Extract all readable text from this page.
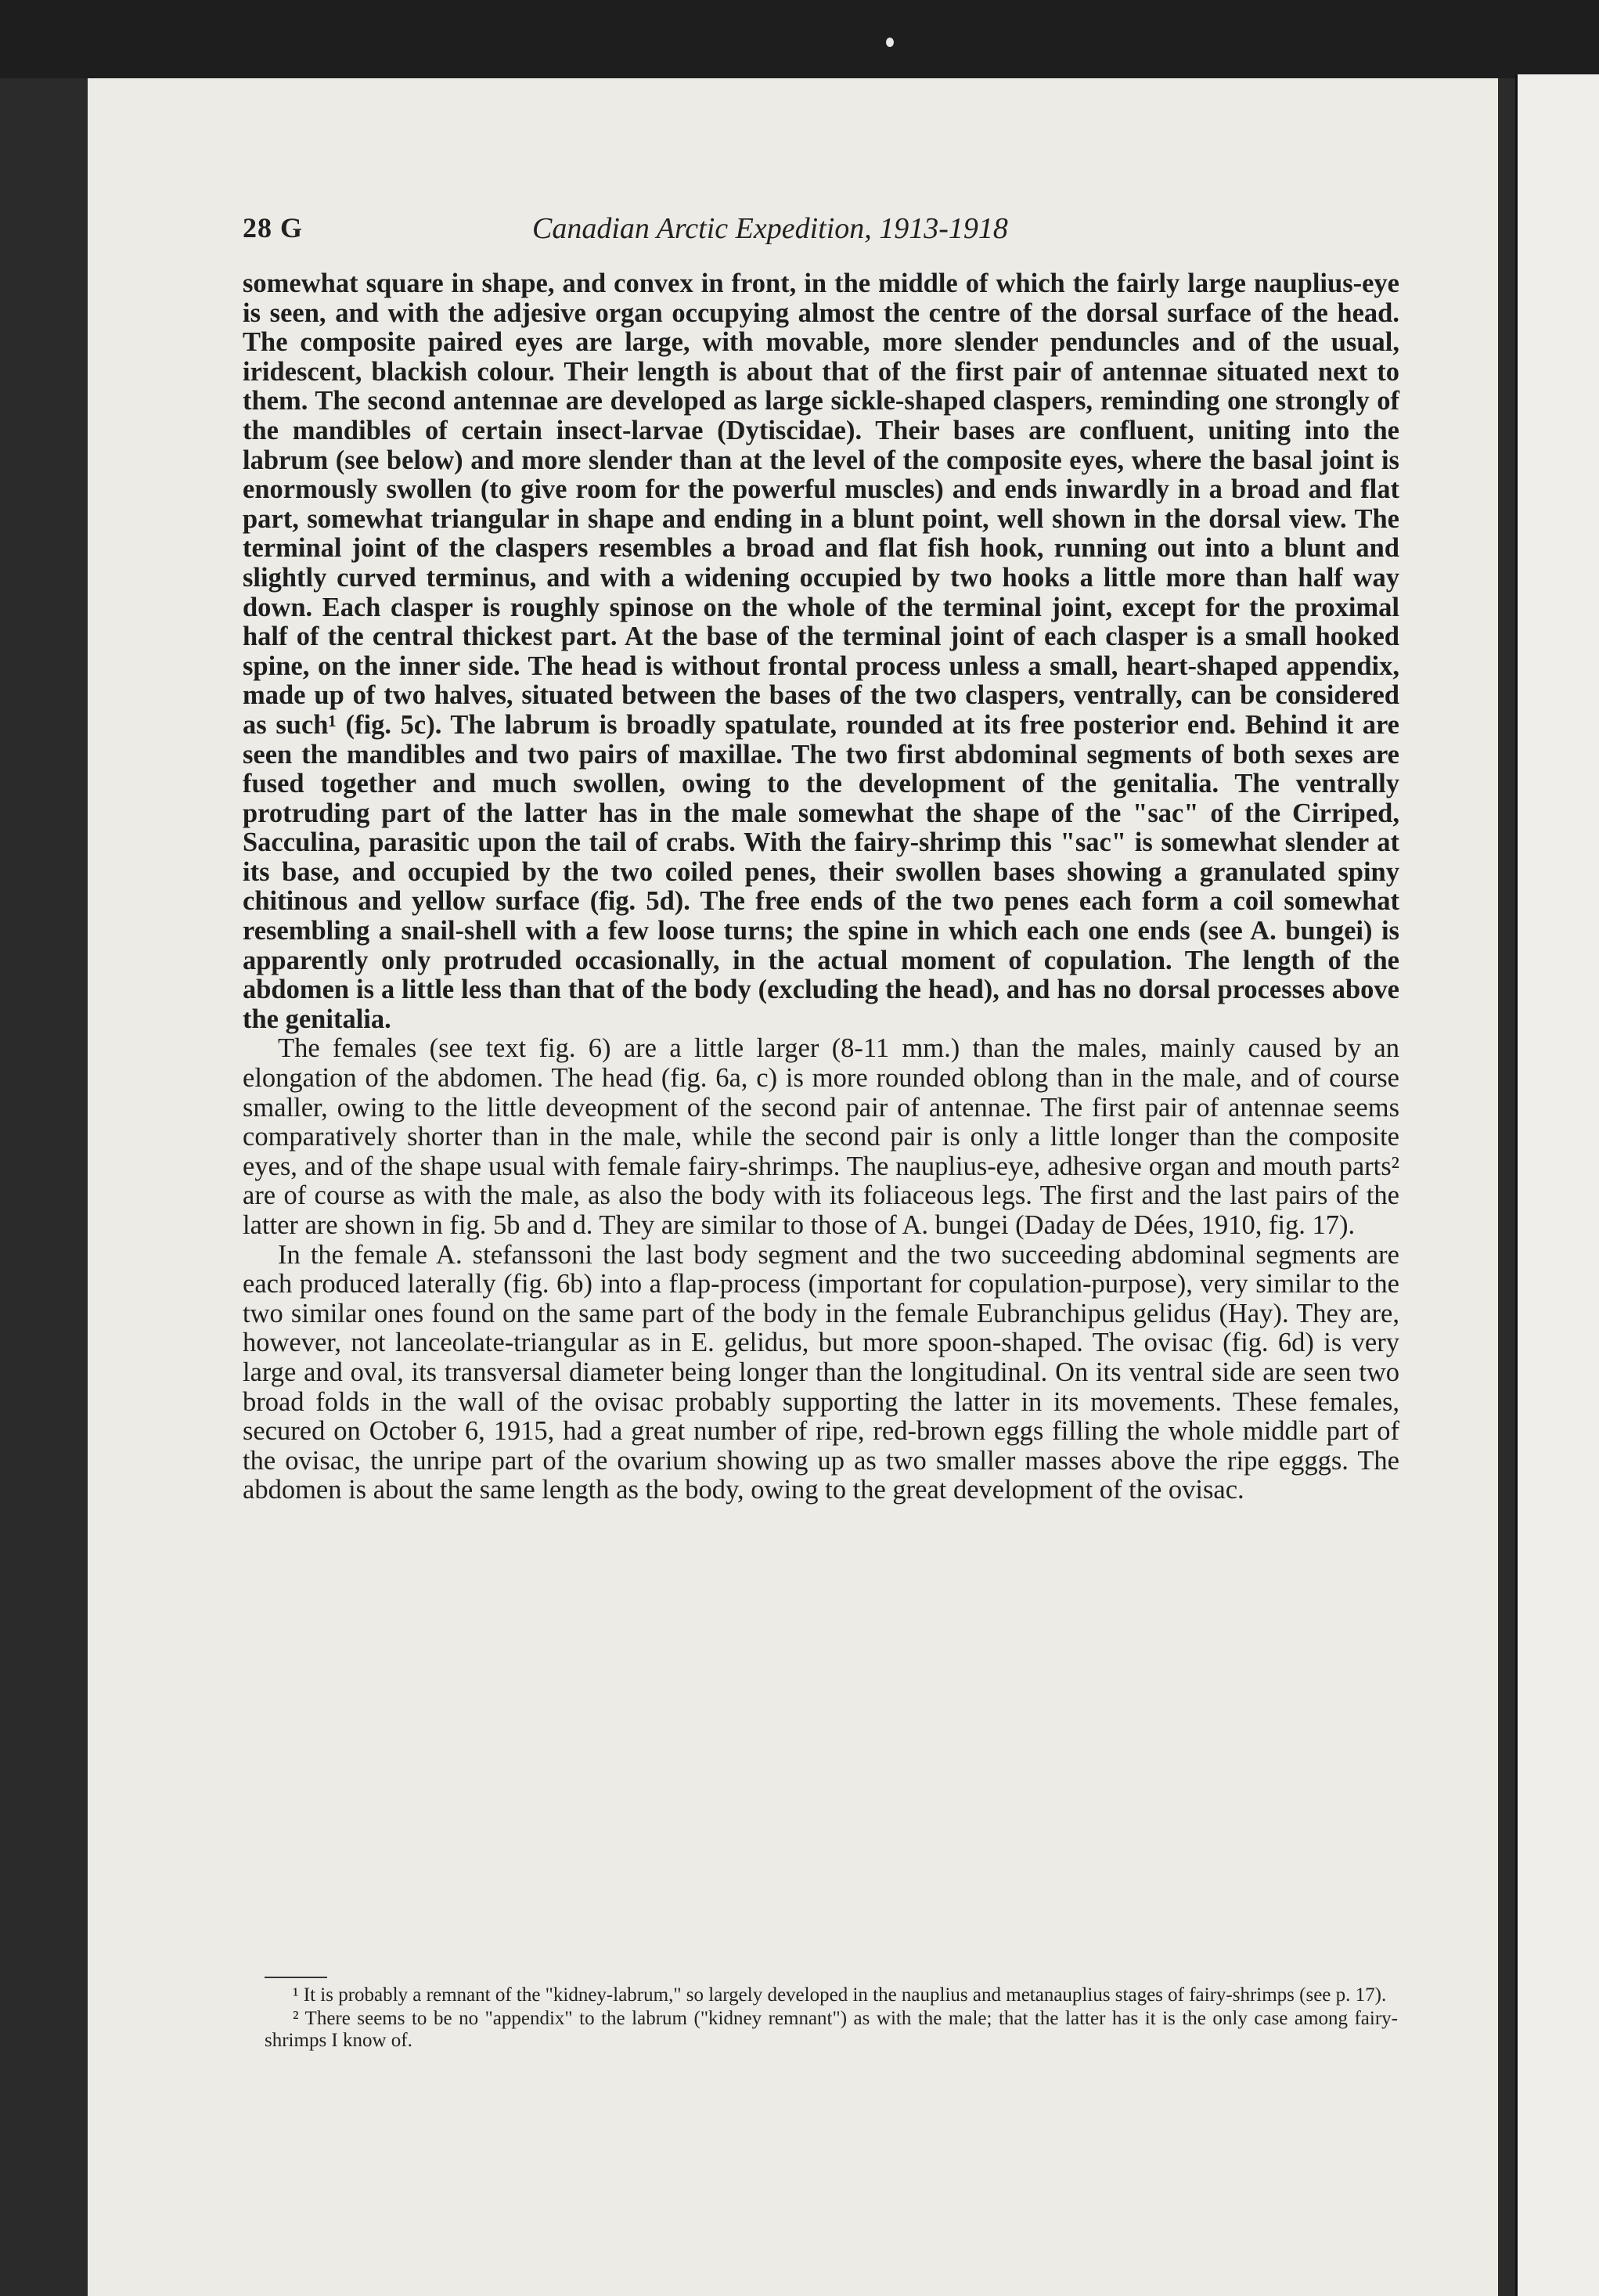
28 G	Canadian Arctic Expedition, 1913-1918

somewhat square in shape, and convex in front, in the middle of which the fairly large nauplius-eye is seen, and with the adjesive organ occupying almost the centre of the dorsal surface of the head. The composite paired eyes are large, with movable, more slender penduncles and of the usual, iridescent, blackish colour. Their length is about that of the first pair of antennae situated next to them. The second antennae are developed as large sickle-shaped claspers, reminding one strongly of the mandibles of certain insect-larvae (Dytiscidae). Their bases are confluent, uniting into the labrum (see below) and more slender than at the level of the composite eyes, where the basal joint is enormously swollen (to give room for the powerful muscles) and ends inwardly in a broad and flat part, somewhat triangular in shape and ending in a blunt point, well shown in the dorsal view. The terminal joint of the claspers resembles a broad and flat fish hook, running out into a blunt and slightly curved terminus, and with a widening occupied by two hooks a little more than half way down. Each clasper is roughly spinose on the whole of the terminal joint, except for the proximal half of the central thickest part. At the base of the terminal joint of each clasper is a small hooked spine, on the inner side. The head is without frontal process unless a small, heart-shaped appendix, made up of two halves, situated between the bases of the two claspers, ventrally, can be considered as such¹ (fig. 5c). The labrum is broadly spatulate, rounded at its free posterior end. Behind it are seen the mandibles and two pairs of maxillae. The two first abdominal segments of both sexes are fused together and much swollen, owing to the development of the genitalia. The ventrally protruding part of the latter has in the male somewhat the shape of the "sac" of the Cirriped, Sacculina, parasitic upon the tail of crabs. With the fairy-shrimp this "sac" is somewhat slender at its base, and occupied by the two coiled penes, their swollen bases showing a granulated spiny chitinous and yellow surface (fig. 5d). The free ends of the two penes each form a coil somewhat resembling a snail-shell with a few loose turns; the spine in which each one ends (see A. bungei) is apparently only protruded occasionally, in the actual moment of copulation. The length of the abdomen is a little less than that of the body (excluding the head), and has no dorsal processes above the genitalia.

The females (see text fig. 6) are a little larger (8-11 mm.) than the males, mainly caused by an elongation of the abdomen. The head (fig. 6a, c) is more rounded oblong than in the male, and of course smaller, owing to the little deveopment of the second pair of antennae. The first pair of antennae seems comparatively shorter than in the male, while the second pair is only a little longer than the composite eyes, and of the shape usual with female fairy-shrimps. The nauplius-eye, adhesive organ and mouth parts² are of course as with the male, as also the body with its foliaceous legs. The first and the last pairs of the latter are shown in fig. 5b and d. They are similar to those of A. bungei (Daday de Dées, 1910, fig. 17).

In the female A. stefanssoni the last body segment and the two succeeding abdominal segments are each produced laterally (fig. 6b) into a flap-process (important for copulation-purpose), very similar to the two similar ones found on the same part of the body in the female Eubranchipus gelidus (Hay). They are, however, not lanceolate-triangular as in E. gelidus, but more spoon-shaped. The ovisac (fig. 6d) is very large and oval, its transversal diameter being longer than the longitudinal. On its ventral side are seen two broad folds in the wall of the ovisac probably supporting the latter in its movements. These females, secured on October 6, 1915, had a great number of ripe, red-brown eggs filling the whole middle part of the ovisac, the unripe part of the ovarium showing up as two smaller masses above the ripe egggs. The abdomen is about the same length as the body, owing to the great development of the ovisac.

¹ It is probably a remnant of the "kidney-labrum," so largely developed in the nauplius and metanauplius stages of fairy-shrimps (see p. 17).

² There seems to be no "appendix" to the labrum ("kidney remnant") as with the male; that the latter has it is the only case among fairy-shrimps I know of.
